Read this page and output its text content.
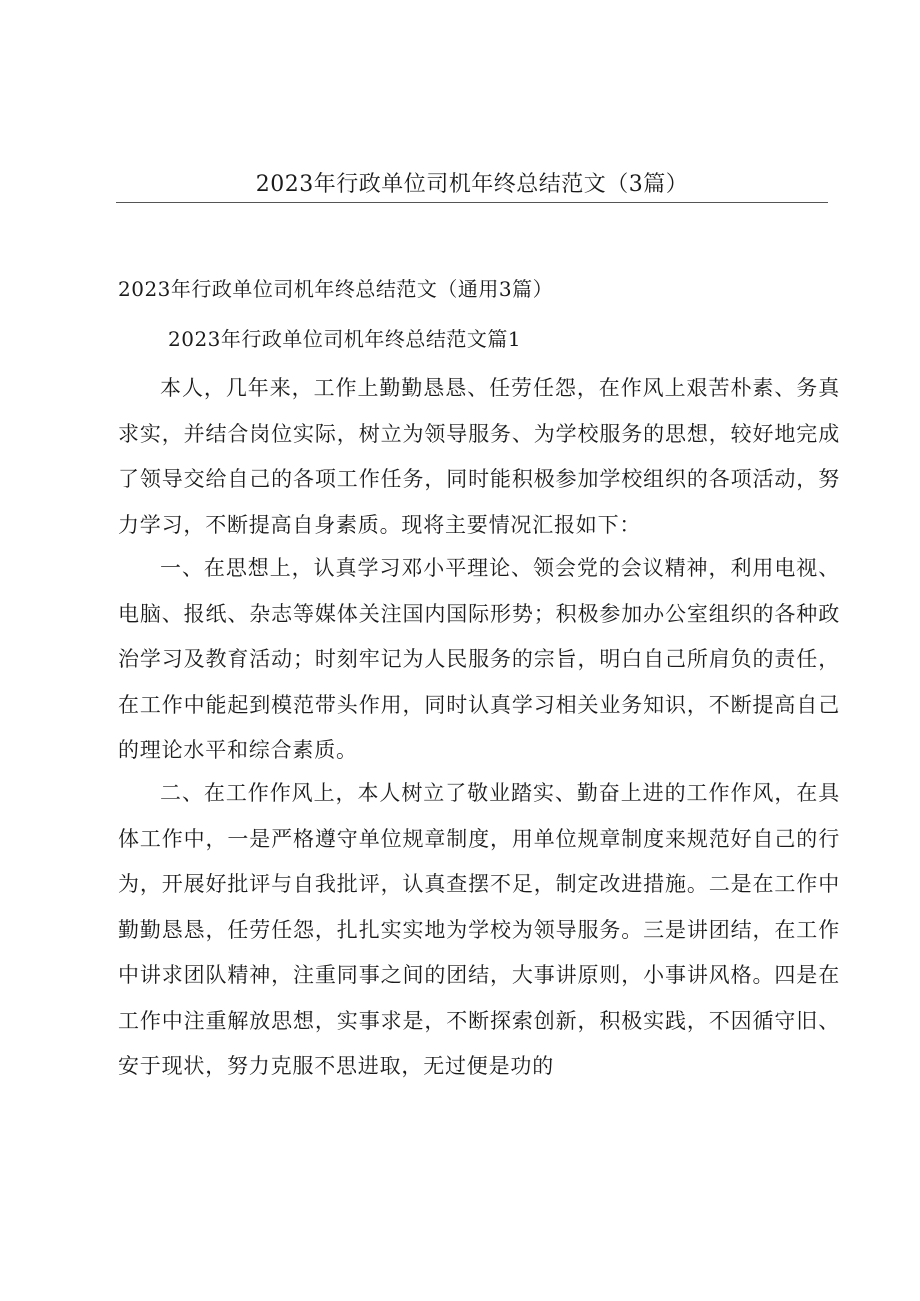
2023年行政单位司机年终总结范文（3篇）
2023年行政单位司机年终总结范文（通用3篇）
2023年行政单位司机年终总结范文篇1

本人，几年来，工作上勤勤恳恳、任劳任怨，在作风上艰苦朴素、务真求实，并结合岗位实际，树立为领导服务、为学校服务的思想，较好地完成了领导交给自己的各项工作任务，同时能积极参加学校组织的各项活动，努力学习，不断提高自身素质。现将主要情况汇报如下：

一、在思想上，认真学习邓小平理论、领会党的会议精神，利用电视、电脑、报纸、杂志等媒体关注国内国际形势；积极参加办公室组织的各种政治学习及教育活动；时刻牢记为人民服务的宗旨，明白自己所肩负的责任，在工作中能起到模范带头作用，同时认真学习相关业务知识，不断提高自己的理论水平和综合素质。

二、在工作作风上，本人树立了敬业踏实、勤奋上进的工作作风，在具体工作中，一是严格遵守单位规章制度，用单位规章制度来规范好自己的行为，开展好批评与自我批评，认真查摆不足，制定改进措施。二是在工作中勤勤恳恳，任劳任怨，扎扎实实地为学校为领导服务。三是讲团结，在工作中讲求团队精神，注重同事之间的团结，大事讲原则，小事讲风格。四是在工作中注重解放思想，实事求是，不断探索创新，积极实践，不因循守旧、安于现状，努力克服不思进取，无过便是功的
